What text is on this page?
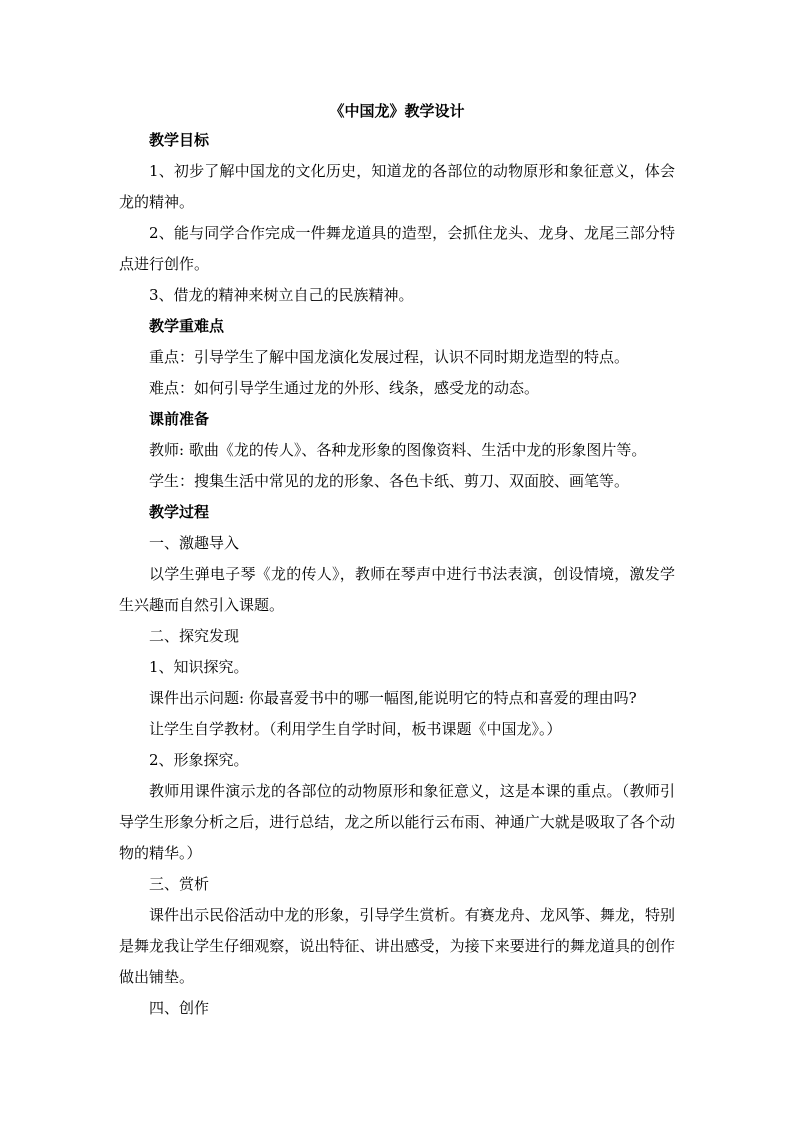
《中国龙》教学设计

教学目标

1、初步了解中国龙的文化历史，知道龙的各部位的动物原形和象征意义，体会龙的精神。

2、能与同学合作完成一件舞龙道具的造型，会抓住龙头、龙身、龙尾三部分特点进行创作。

3、借龙的精神来树立自己的民族精神。

教学重难点

重点：引导学生了解中国龙演化发展过程，认识不同时期龙造型的特点。

难点：如何引导学生通过龙的外形、线条，感受龙的动态。

课前准备

教师: 歌曲《龙的传人》、各种龙形象的图像资料、生活中龙的形象图片等。

学生：搜集生活中常见的龙的形象、各色卡纸、剪刀、双面胶、画笔等。

教学过程

一、激趣导入

以学生弹电子琴《龙的传人》，教师在琴声中进行书法表演，创设情境，激发学生兴趣而自然引入课题。

二、探究发现

1、知识探究。

课件出示问题: 你最喜爱书中的哪一幅图,能说明它的特点和喜爱的理由吗?

让学生自学教材。（利用学生自学时间，板书课题《中国龙》。）

2、形象探究。

教师用课件演示龙的各部位的动物原形和象征意义，这是本课的重点。（教师引导学生形象分析之后，进行总结，龙之所以能行云布雨、神通广大就是吸取了各个动物的精华。）

三、赏析

课件出示民俗活动中龙的形象，引导学生赏析。有赛龙舟、龙风筝、舞龙，特别是舞龙我让学生仔细观察，说出特征、讲出感受，为接下来要进行的舞龙道具的创作做出铺垫。

四、创作
